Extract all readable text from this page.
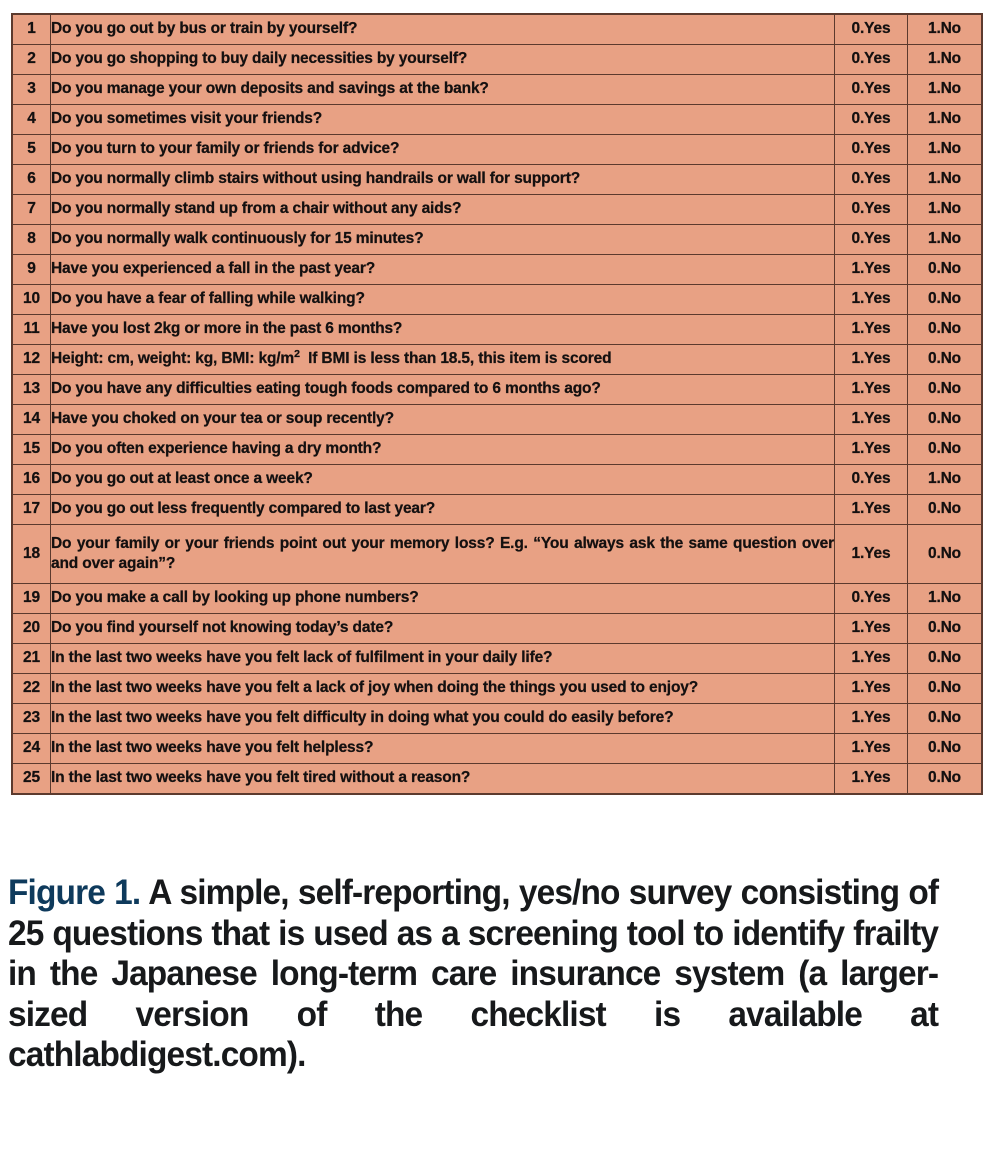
1	Do you go out by bus or train by yourself?	0.Yes	1.No
2	Do you go shopping to buy daily necessities by yourself?	0.Yes	1.No
3	Do you manage your own deposits and savings at the bank?	0.Yes	1.No
4	Do you sometimes visit your friends?	0.Yes	1.No
5	Do you turn to your family or friends for advice?	0.Yes	1.No
6	Do you normally climb stairs without using handrails or wall for support?	0.Yes	1.No
7	Do you normally stand up from a chair without any aids?	0.Yes	1.No
8	Do you normally walk continuously for 15 minutes?	0.Yes	1.No
9	Have you experienced a fall in the past year?	1.Yes	0.No
10	Do you have a fear of falling while walking?	1.Yes	0.No
11	Have you lost 2kg or more in the past 6 months?	1.Yes	0.No
12	Height: cm, weight: kg, BMI: $kg/m^2$  If BMI is less than 18.5, this item is scored	1.Yes	0.No
13	Do you have any difficulties eating tough foods compared to 6 months ago?	1.Yes	0.No
14	Have you choked on your tea or soup recently?	1.Yes	0.No
15	Do you often experience having a dry month?	1.Yes	0.No
16	Do you go out at least once a week?	0.Yes	1.No
17	Do you go out less frequently compared to last year?	1.Yes	0.No
18	Do your family or your friends point out your memory loss? E.g. “You always ask the same question over and over again”?	1.Yes	0.No
19	Do you make a call by looking up phone numbers?	0.Yes	1.No
20	Do you find yourself not knowing today’s date?	1.Yes	0.No
21	In the last two weeks have you felt lack of fulfilment in your daily life?	1.Yes	0.No
22	In the last two weeks have you felt a lack of joy when doing the things you used to enjoy?	1.Yes	0.No
23	In the last two weeks have you felt difficulty in doing what you could do easily before?	1.Yes	0.No
24	In the last two weeks have you felt helpless?	1.Yes	0.No
25	In the last two weeks have you felt tired without a reason?	1.Yes	0.No
Figure 1. A simple, self-reporting, yes/no survey consisting of 25 questions that is used as a screening tool to identify frailty in the Japanese long-term care insurance system (a larger-sized version of the checklist is available at cathlabdigest.com).
